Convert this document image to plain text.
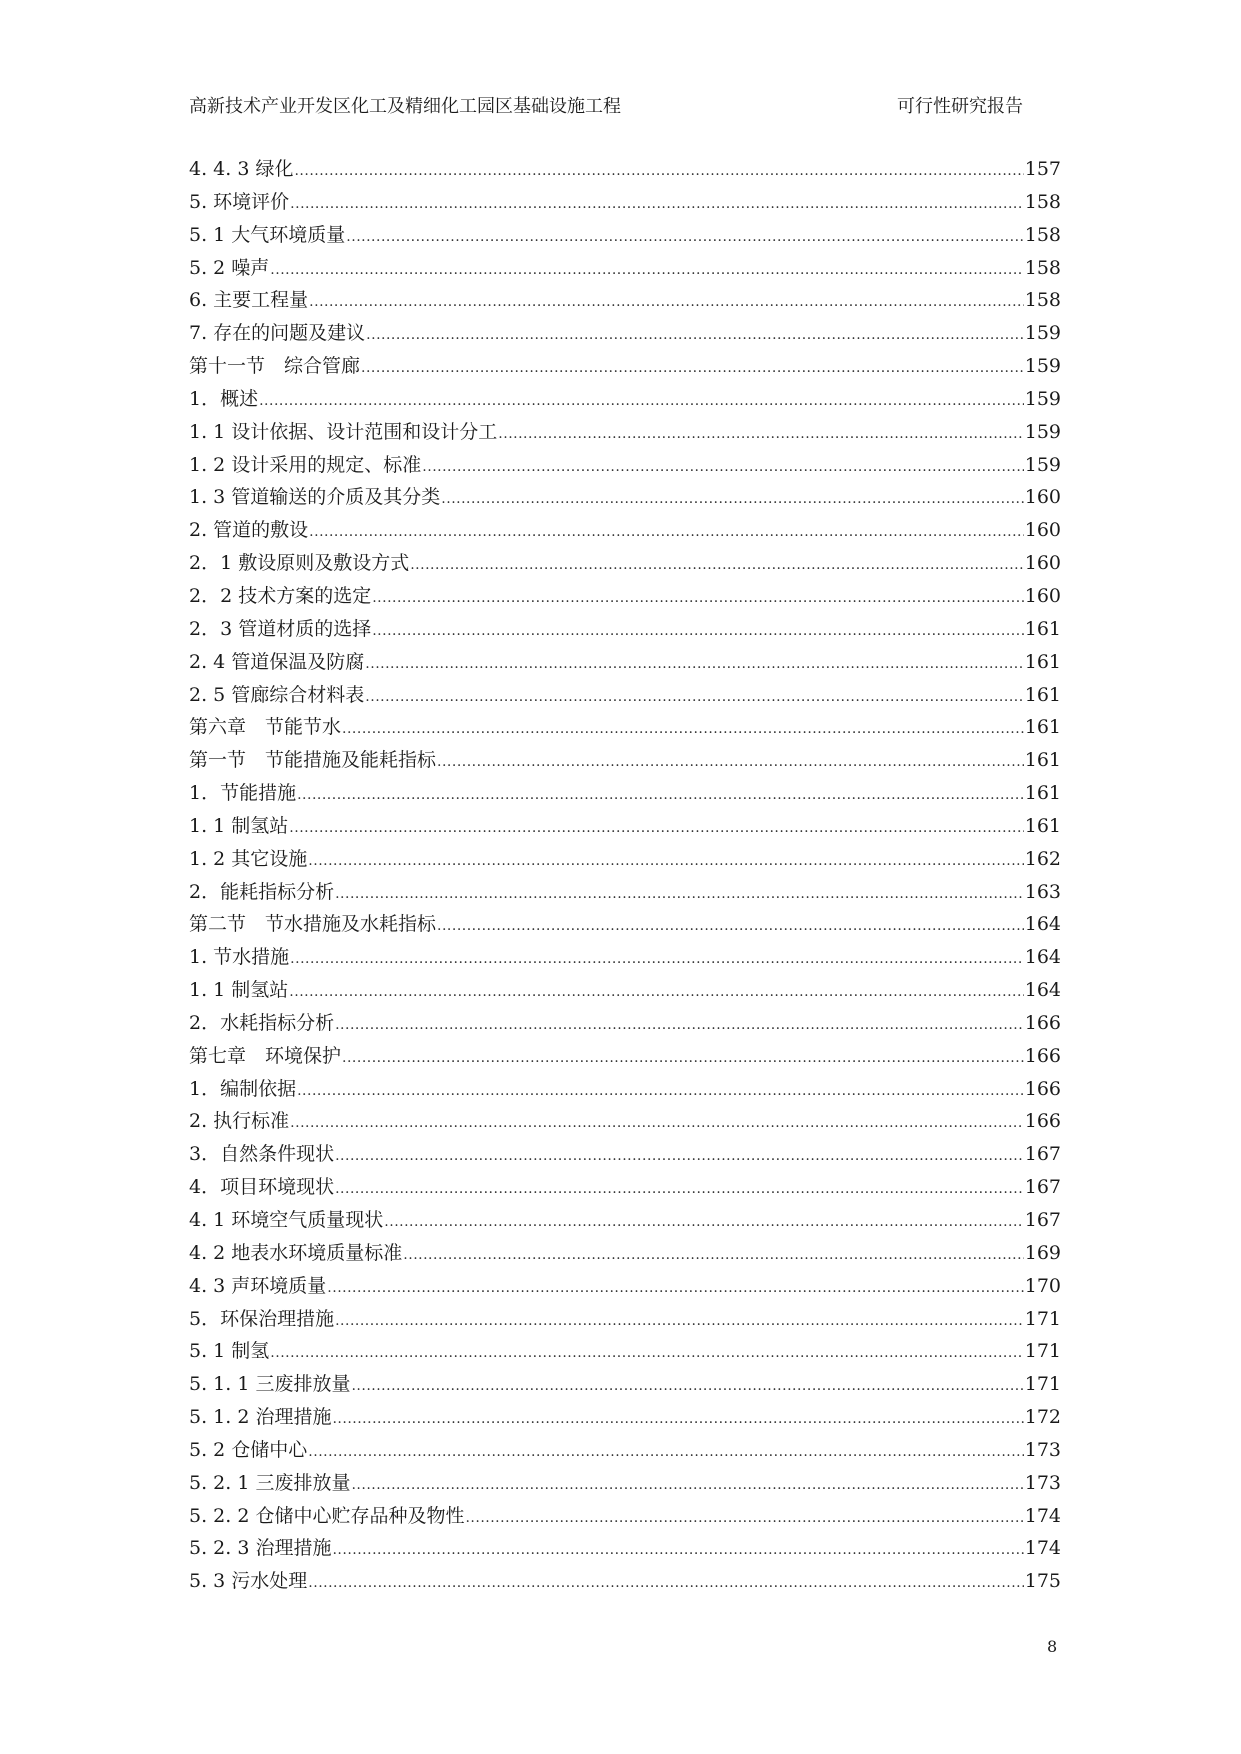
高新技术产业开发区化工及精细化工园区基础设施工程	可行性研究报告
4. 4. 3 绿化 .....	157
5. 环境评价 .....	158
5. 1 大气环境质量 .....	158
5. 2 噪声 .....	158
6. 主要工程量 .....	158
7. 存在的问题及建议 .....	159
第十一节　综合管廊 .....	159
1．概述 .....	159
1. 1 设计依据、设计范围和设计分工 .....	159
1. 2 设计采用的规定、标准 .....	159
1. 3 管道输送的介质及其分类 .....	160
2. 管道的敷设 .....	160
2．1 敷设原则及敷设方式 .....	160
2．2 技术方案的选定 .....	160
2．3 管道材质的选择 .....	161
2. 4 管道保温及防腐 .....	161
2. 5 管廊综合材料表 .....	161
第六章　节能节水 .....	161
第一节　节能措施及能耗指标 .....	161
1．节能措施 .....	161
1. 1 制氢站 .....	161
1. 2 其它设施 .....	162
2．能耗指标分析 .....	163
第二节　节水措施及水耗指标 .....	164
1. 节水措施 .....	164
1. 1 制氢站 .....	164
2．水耗指标分析 .....	166
第七章　环境保护 .....	166
1．编制依据 .....	166
2. 执行标准 .....	166
3．自然条件现状 .....	167
4．项目环境现状 .....	167
4. 1 环境空气质量现状 .....	167
4. 2 地表水环境质量标准 .....	169
4. 3 声环境质量 .....	170
5．环保治理措施 .....	171
5. 1 制氢 .....	171
5. 1. 1 三废排放量 .....	171
5. 1. 2 治理措施 .....	172
5. 2 仓储中心 .....	173
5. 2. 1 三废排放量 .....	173
5. 2. 2 仓储中心贮存品种及物性 .....	174
5. 2. 3 治理措施 .....	174
5. 3 污水处理 .....	175
8
